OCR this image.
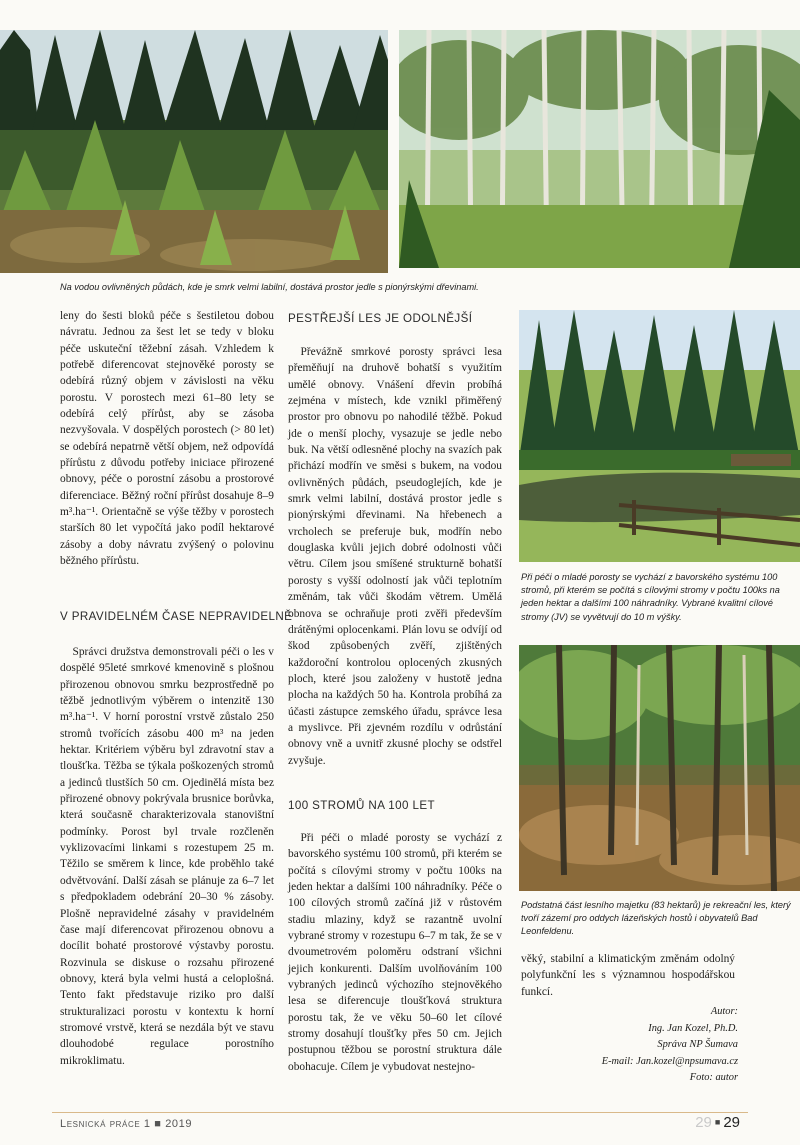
Na vodou ovlivněných půdách, kde je smrk velmi labilní, dostává prostor jedle s pionýrskými dřevinami.
Při péči o mladé porosty se vychází z bavorského systému 100 stromů, při kterém se počítá s cílovými stromy v počtu 100ks na jeden hektar a dalšími 100 náhradníky. Vybrané kvalitní cílové stromy (JV) se vyvětvují do 10 m výšky.
Podstatná část lesního majetku (83 hektarů) je rekreační les, který tvoří zázemí pro oddych lázeňských hostů i obyvatelů Bad Leonfeldenu.

leny do šesti bloků péče s šestiletou dobou návratu. Jednou za šest let se tedy v bloku péče uskuteční těžební zásah. Vzhledem k potřebě diferencovat stejnověké porosty se odebírá různý objem v závislosti na věku porostu. V porostech mezi 61–80 lety se odebírá celý přírůst, aby se zásoba nezvyšovala. V dospělých porostech (> 80 let) se odebírá nepatrně větší objem, než odpovídá přírůstu z důvodu potřeby iniciace přirozené obnovy, péče o porostní zásobu a prostorové diferenciace. Běžný roční přírůst dosahuje 8–9 m³.ha⁻¹. Orientačně se výše těžby v porostech starších 80 let vypočítá jako podíl hektarové zásoby a doby návratu zvýšený o polovinu běžného přírůstu.

V PRAVIDELNÉM ČASE NEPRAVIDELNĚ

Správci družstva demonstrovali péči o les v dospělé 95leté smrkové kmenovině s plošnou přirozenou obnovou smrku bezprostředně po těžbě jednotlivým výběrem o intenzitě 130 m³.ha⁻¹. V horní porostní vrstvě zůstalo 250 stromů tvořících zásobu 400 m³ na jeden hektar. Kritériem výběru byl zdravotní stav a tloušťka. Těžba se týkala poškozených stromů a jedinců tlustších 50 cm. Ojedinělá místa bez přirozené obnovy pokrývala brusnice borůvka, která současně charakterizovala stanovištní podmínky. Porost byl trvale rozčleněn vyklizovacími linkami s rozestupem 25 m. Těžilo se směrem k lince, kde proběhlo také odvětvování. Další zásah se plánuje za 6–7 let s předpokladem odebrání 20–30 % zásoby. Plošně nepravidelné zásahy v pravidelném čase mají diferencovat přirozenou obnovu a docílit bohaté prostorové výstavby porostu. Rozvinula se diskuse o rozsahu přirozené obnovy, která byla velmi hustá a celoplošná. Tento fakt představuje riziko pro další strukturalizaci porostu v kontextu k horní stromové vrstvě, která se nezdála být ve stavu dlouhodobé regulace porostního mikroklimatu.

PESTŘEJŠÍ LES JE ODOLNĚJŠÍ

Převážně smrkové porosty správci lesa přeměňují na druhově bohatší s využitím umělé obnovy. Vnášení dřevin probíhá zejména v místech, kde vznikl přiměřený prostor pro obnovu po nahodilé těžbě. Pokud jde o menší plochy, vysazuje se jedle nebo buk. Na větší odlesněné plochy na svazích pak přichází modřín ve směsi s bukem, na vodou ovlivněných půdách, pseudoglejích, kde je smrk velmi labilní, dostává prostor jedle s pionýrskými dřevinami. Na hřebenech a vrcholech se preferuje buk, modřín nebo douglaska kvůli jejich dobré odolnosti vůči větru. Cílem jsou smíšené strukturně bohatší porosty s vyšší odolností jak vůči teplotním změnám, tak vůči škodám větrem. Umělá obnova se ochraňuje proti zvěři především drátěnými oplocenkami. Plán lovu se odvíjí od škod způsobených zvěří, zjištěných každoroční kontrolou oplocených zkusných ploch, které jsou založeny v hustotě jedna plocha na každých 50 ha. Kontrola probíhá za účasti zástupce zemského úřadu, správce lesa a myslivce. Při zjevném rozdílu v odrůstání obnovy vně a uvnitř zkusné plochy se odstřel zvyšuje.

100 STROMŮ NA 100 LET

Při péči o mladé porosty se vychází z bavorského systému 100 stromů, při kterém se počítá s cílovými stromy v počtu 100ks na jeden hektar a dalšími 100 náhradníky. Péče o 100 cílových stromů začíná již v růstovém stadiu mlaziny, když se razantně uvolní vybrané stromy v rozestupu 6–7 m tak, že se v dvoumetrovém poloměru odstraní všichni jejich konkurenti. Dalším uvolňováním 100 vybraných jedinců výchozího stejnověkého lesa se diferencuje tloušťková struktura porostu tak, že ve věku 50–60 let cílové stromy dosahují tloušťky přes 50 cm. Jejich postupnou těžbou se porostní struktura dále obohacuje. Cílem je vybudovat nestejno-

věký, stabilní a klimatickým změnám odolný polyfunkční les s významnou hospodářskou funkcí.

Autor:
Ing. Jan Kozel, Ph.D.
Správa NP Šumava
E-mail: Jan.kozel@npsumava.cz
Foto: autor
Lesnická práce 1 ■ 2019	29 ■ 29
